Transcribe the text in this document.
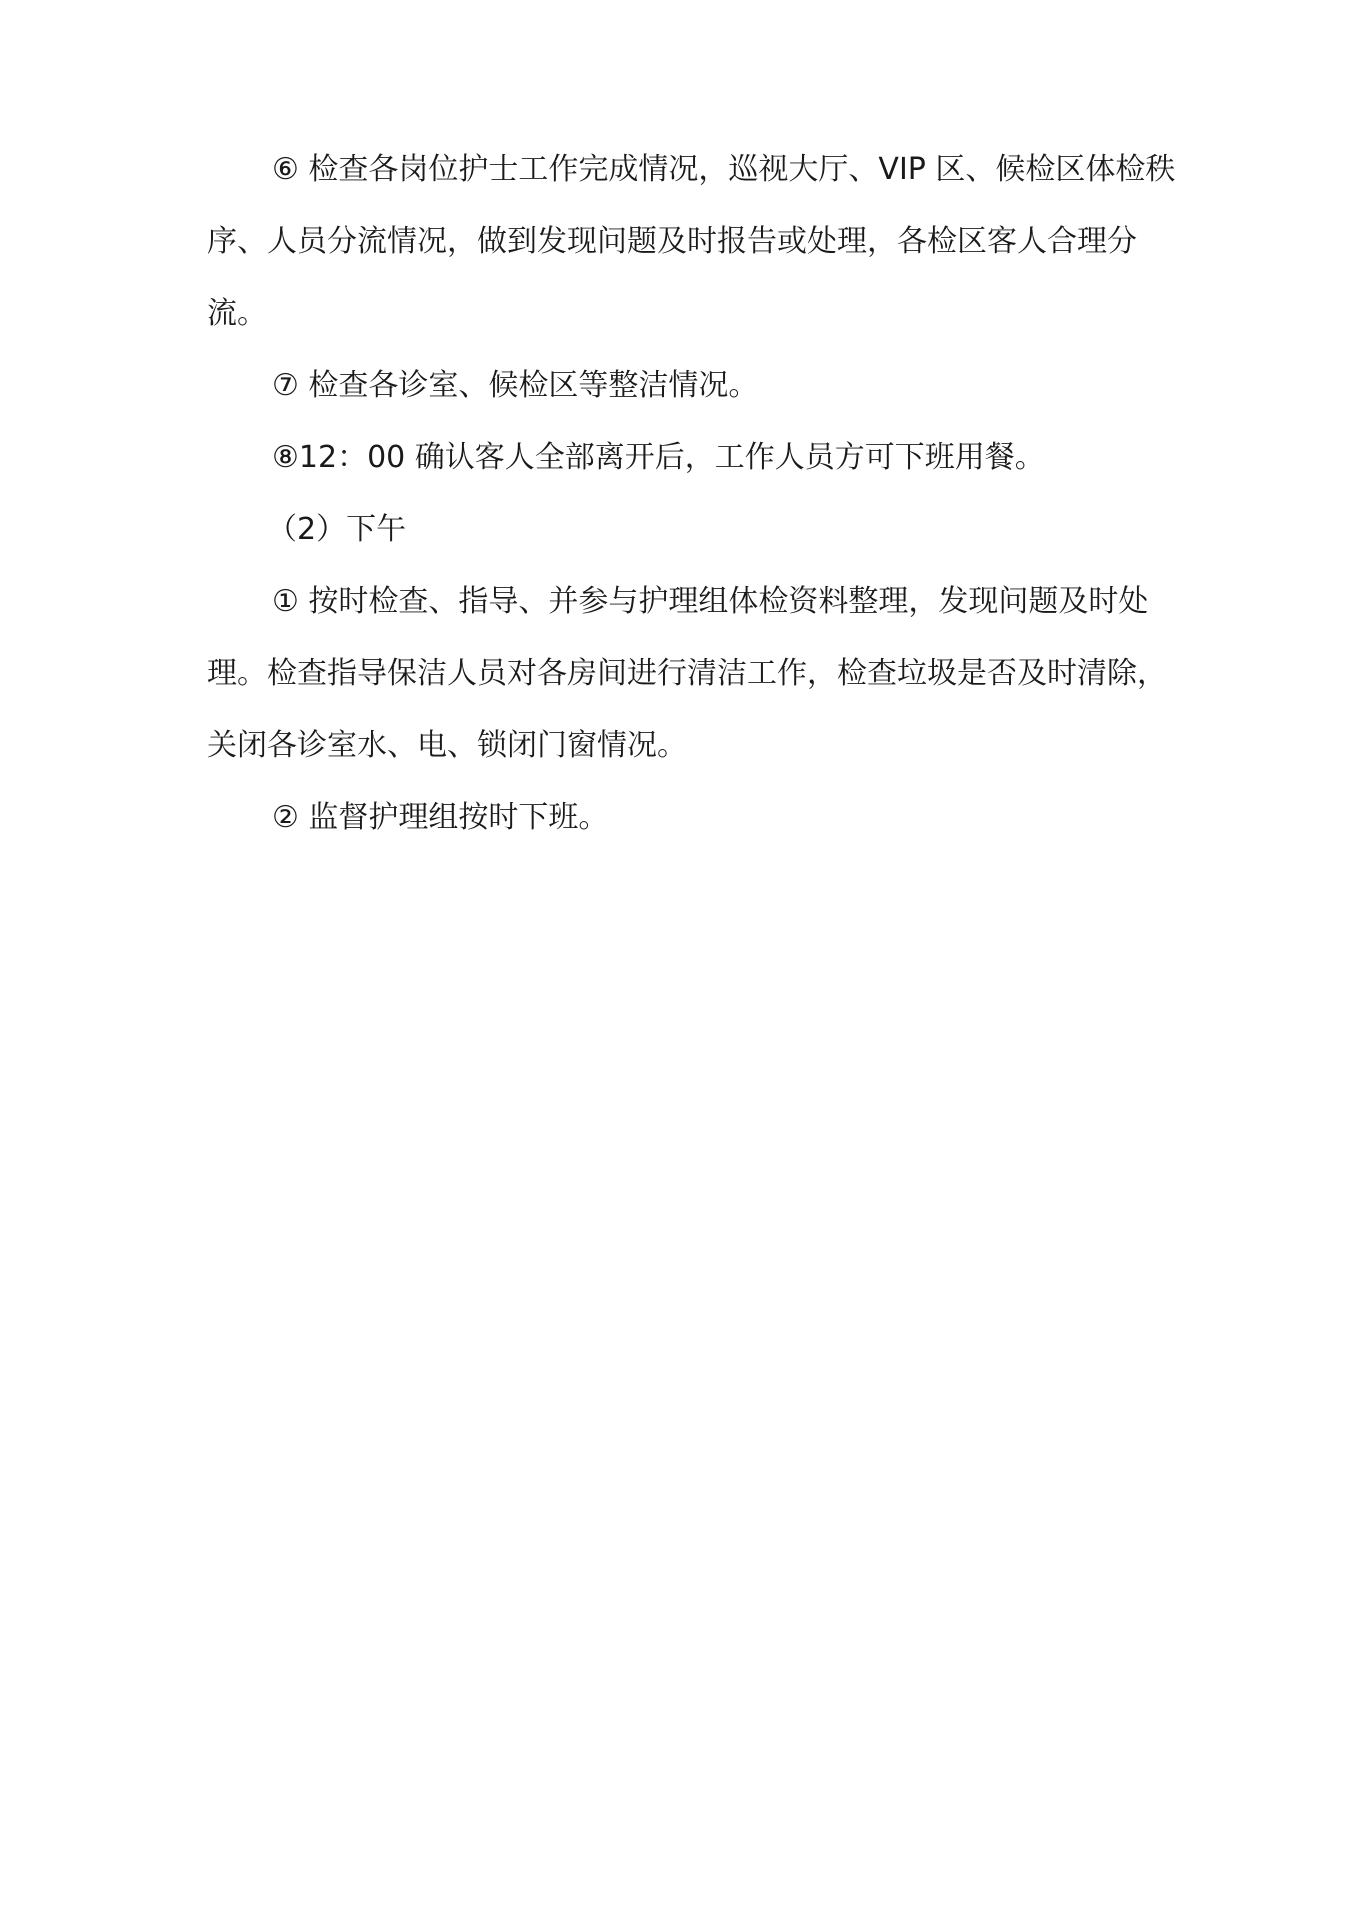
⑥ 检查各岗位护士工作完成情况，巡视大厅、VIP 区、候检区体检秩序、人员分流情况，做到发现问题及时报告或处理，各检区客人合理分流。

⑦ 检查各诊室、候检区等整洁情况。

⑧12：00 确认客人全部离开后，工作人员方可下班用餐。

（2）下午

① 按时检查、指导、并参与护理组体检资料整理，发现问题及时处理。检查指导保洁人员对各房间进行清洁工作，检查垃圾是否及时清除，关闭各诊室水、电、锁闭门窗情况。

② 监督护理组按时下班。
